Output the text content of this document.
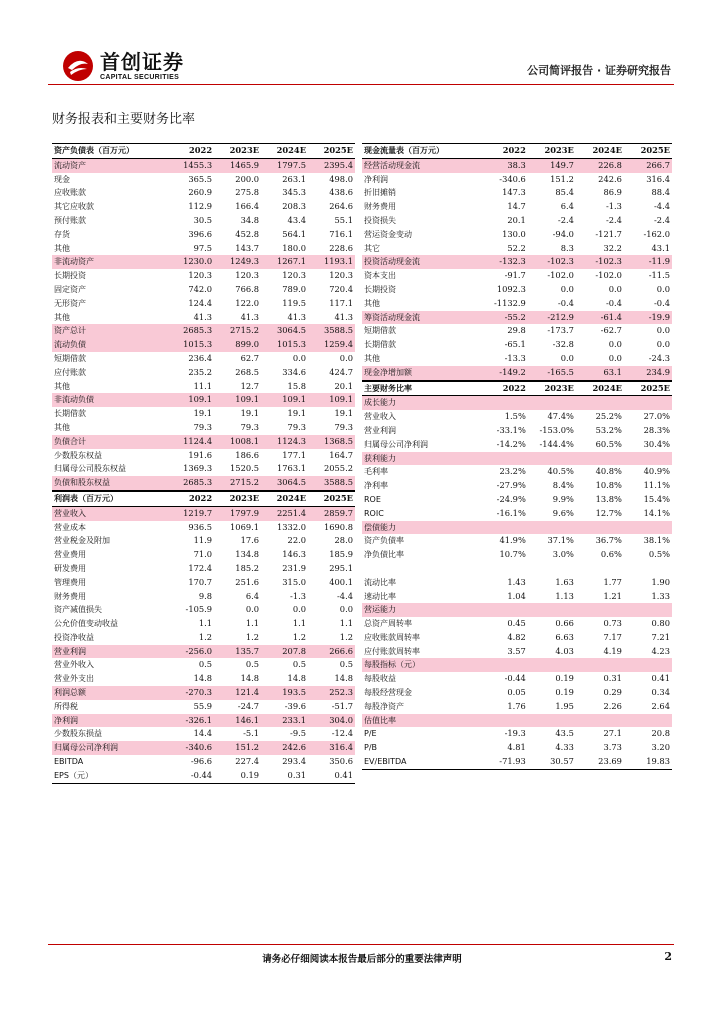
首创证券
CAPITAL SECURITIES	公司简评报告 · 证券研究报告
财务报表和主要财务比率
资产负债表（百万元）	2022	2023E	2024E	2025E
流动资产	1455.3	1465.9	1797.5	2395.4
现金	365.5	200.0	263.1	498.0
应收账款	260.9	275.8	345.3	438.6
其它应收款	112.9	166.4	208.3	264.6
预付账款	30.5	34.8	43.4	55.1
存货	396.6	452.8	564.1	716.1
其他	97.5	143.7	180.0	228.6
非流动资产	1230.0	1249.3	1267.1	1193.1
长期投资	120.3	120.3	120.3	120.3
固定资产	742.0	766.8	789.0	720.4
无形资产	124.4	122.0	119.5	117.1
其他	41.3	41.3	41.3	41.3
资产总计	2685.3	2715.2	3064.5	3588.5
流动负债	1015.3	899.0	1015.3	1259.4
短期借款	236.4	62.7	0.0	0.0
应付账款	235.2	268.5	334.6	424.7
其他	11.1	12.7	15.8	20.1
非流动负债	109.1	109.1	109.1	109.1
长期借款	19.1	19.1	19.1	19.1
其他	79.3	79.3	79.3	79.3
负债合计	1124.4	1008.1	1124.3	1368.5
少数股东权益	191.6	186.6	177.1	164.7
归属母公司股东权益	1369.3	1520.5	1763.1	2055.2
负债和股东权益	2685.3	2715.2	3064.5	3588.5
利润表（百万元）	2022	2023E	2024E	2025E
营业收入	1219.7	1797.9	2251.4	2859.7
营业成本	936.5	1069.1	1332.0	1690.8
营业税金及附加	11.9	17.6	22.0	28.0
营业费用	71.0	134.8	146.3	185.9
研发费用	172.4	185.2	231.9	295.1
管理费用	170.7	251.6	315.0	400.1
财务费用	9.8	6.4	-1.3	-4.4
资产减值损失	-105.9	0.0	0.0	0.0
公允价值变动收益	1.1	1.1	1.1	1.1
投资净收益	1.2	1.2	1.2	1.2
营业利润	-256.0	135.7	207.8	266.6
营业外收入	0.5	0.5	0.5	0.5
营业外支出	14.8	14.8	14.8	14.8
利润总额	-270.3	121.4	193.5	252.3
所得税	55.9	-24.7	-39.6	-51.7
净利润	-326.1	146.1	233.1	304.0
少数股东损益	14.4	-5.1	-9.5	-12.4
归属母公司净利润	-340.6	151.2	242.6	316.4
EBITDA	-96.6	227.4	293.4	350.6
EPS（元）	-0.44	0.19	0.31	0.41
现金流量表（百万元）	2022	2023E	2024E	2025E
经营活动现金流	38.3	149.7	226.8	266.7
净利润	-340.6	151.2	242.6	316.4
折旧摊销	147.3	85.4	86.9	88.4
财务费用	14.7	6.4	-1.3	-4.4
投资损失	20.1	-2.4	-2.4	-2.4
营运资金变动	130.0	-94.0	-121.7	-162.0
其它	52.2	8.3	32.2	43.1
投资活动现金流	-132.3	-102.3	-102.3	-11.9
资本支出	-91.7	-102.0	-102.0	-11.5
长期投资	1092.3	0.0	0.0	0.0
其他	-1132.9	-0.4	-0.4	-0.4
筹资活动现金流	-55.2	-212.9	-61.4	-19.9
短期借款	29.8	-173.7	-62.7	0.0
长期借款	-65.1	-32.8	0.0	0.0
其他	-13.3	0.0	0.0	-24.3
现金净增加额	-149.2	-165.5	63.1	234.9
主要财务比率	2022	2023E	2024E	2025E
成长能力				
营业收入	1.5%	47.4%	25.2%	27.0%
营业利润	-33.1%	-153.0%	53.2%	28.3%
归属母公司净利润	-14.2%	-144.4%	60.5%	30.4%
获利能力				
毛利率	23.2%	40.5%	40.8%	40.9%
净利率	-27.9%	8.4%	10.8%	11.1%
ROE	-24.9%	9.9%	13.8%	15.4%
ROIC	-16.1%	9.6%	12.7%	14.1%
偿债能力				
资产负债率	41.9%	37.1%	36.7%	38.1%
净负债比率	10.7%	3.0%	0.6%	0.5%

流动比率	1.43	1.63	1.77	1.90
速动比率	1.04	1.13	1.21	1.33
营运能力				
总资产周转率	0.45	0.66	0.73	0.80
应收账款周转率	4.82	6.63	7.17	7.21
应付账款周转率	3.57	4.03	4.19	4.23
每股指标（元）				
每股收益	-0.44	0.19	0.31	0.41
每股经营现金	0.05	0.19	0.29	0.34
每股净资产	1.76	1.95	2.26	2.64
估值比率				
P/E	-19.3	43.5	27.1	20.8
P/B	4.81	4.33	3.73	3.20
EV/EBITDA	-71.93	30.57	23.69	19.83
请务必仔细阅读本报告最后部分的重要法律声明	2
